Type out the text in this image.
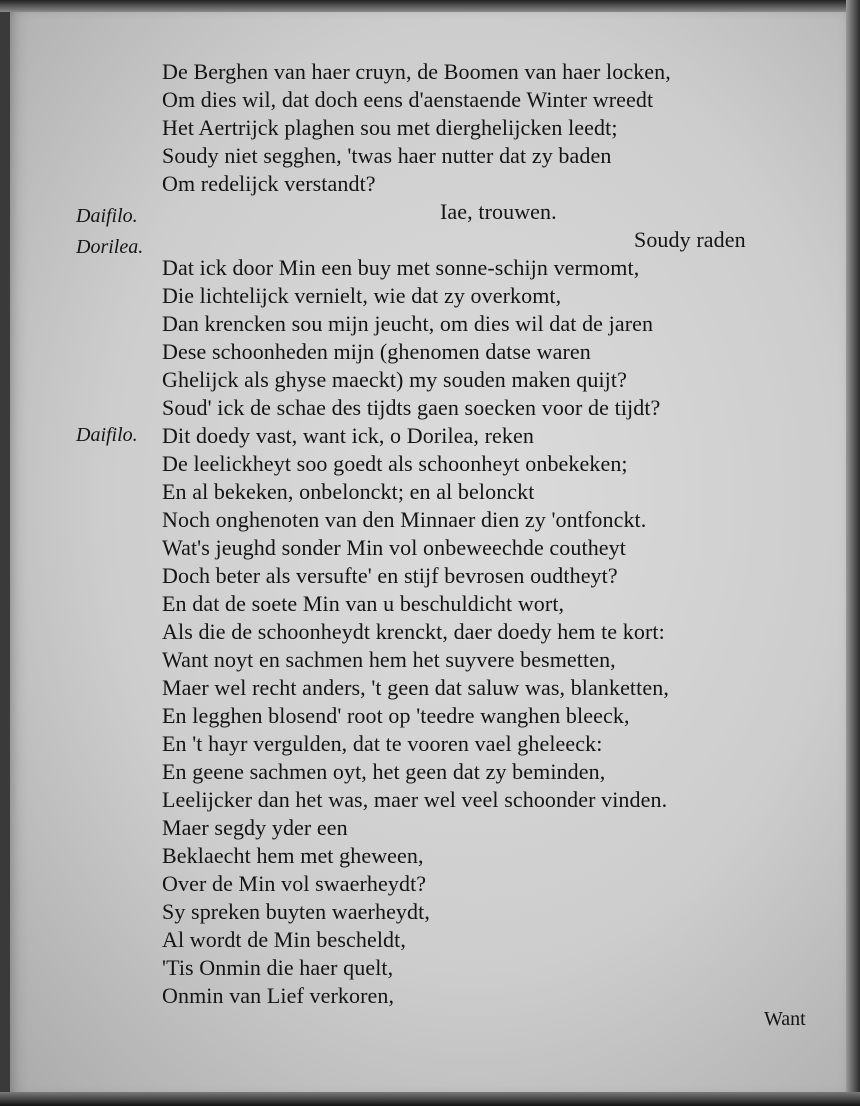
Daifilo.
Dorilea.
Daifilo.
De Berghen van haer cruyn, de Boomen van haer locken,
Om dies wil, dat doch eens d'aenstaende Winter wreedt
Het Aertrijck plaghen sou met dierghelijcken leedt;
Soudy niet segghen, 'twas haer nutter dat zy baden
Om redelijck verstandt?
Iae, trouwen.
Soudy raden
Dat ick door Min een buy met sonne-schijn vermomt,
Die lichtelijck vernielt, wie dat zy overkomt,
Dan krencken sou mijn jeucht, om dies wil dat de jaren
Dese schoonheden mijn (ghenomen datse waren
Ghelijck als ghyse maeckt) my souden maken quijt?
Soud' ick de schae des tijdts gaen soecken voor de tijdt?
Dit doedy vast, want ick, o Dorilea, reken
De leelickheyt soo goedt als schoonheyt onbekeken;
En al bekeken, onbelonckt; en al belonckt
Noch onghenoten van den Minnaer dien zy 'ontfonckt.
Wat's jeughd sonder Min vol onbeweechde coutheyt
Doch beter als versufte' en stijf bevrosen oudtheyt?
En dat de soete Min van u beschuldicht wort,
Als die de schoonheydt krenckt, daer doedy hem te kort:
Want noyt en sachmen hem het suyvere besmetten,
Maer wel recht anders, 't geen dat saluw was, blanketten,
En legghen blosend' root op 'teedre wanghen bleeck,
En 't hayr vergulden, dat te vooren vael gheleeck:
En geene sachmen oyt, het geen dat zy beminden,
Leelijcker dan het was, maer wel veel schoonder vinden.
Maer segdy yder een
Beklaecht hem met gheween,
Over de Min vol swaerheydt?
Sy spreken buyten waerheydt,
Al wordt de Min bescheldt,
'Tis Onmin die haer quelt,
Onmin van Lief verkoren,
Want
